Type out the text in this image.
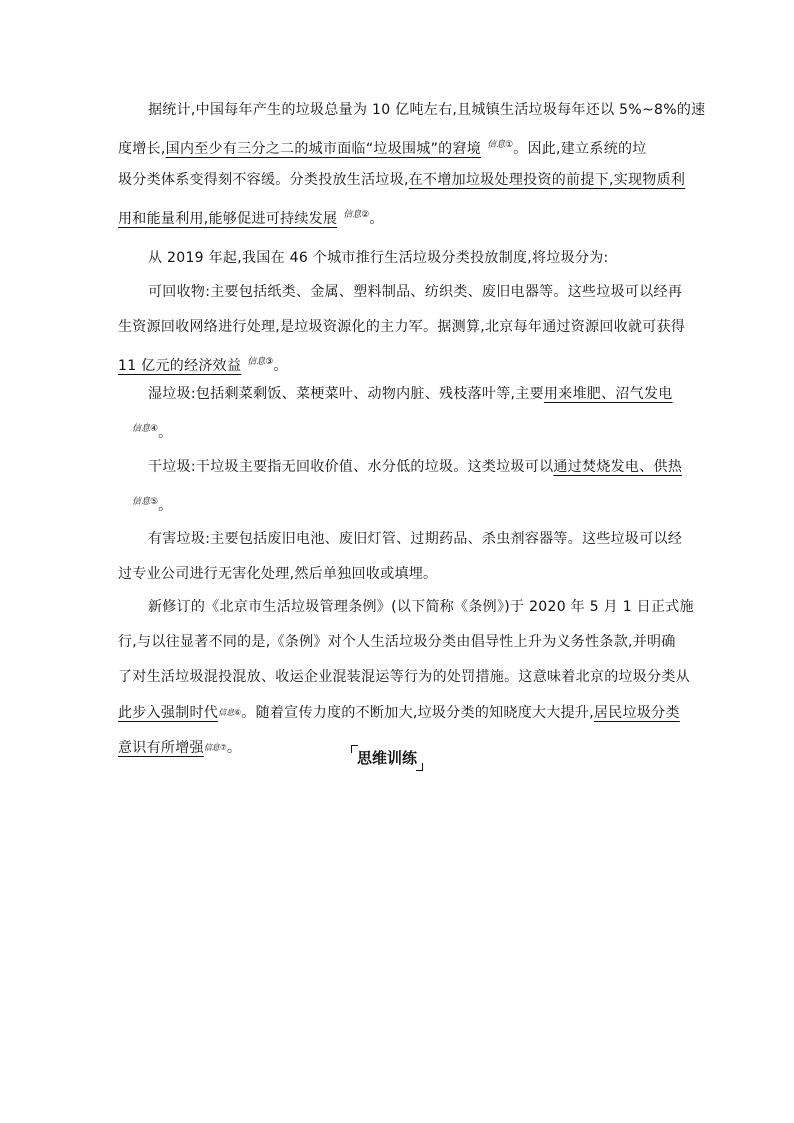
据统计,中国每年产生的垃圾总量为 10 亿吨左右,且城镇生活垃圾每年还以 5%~8%的速
度增长,国内至少有三分之二的城市面临“垃圾围城”的窘境 $^{信息①}$。因此,建立系统的垃
圾分类体系变得刻不容缓。分类投放生活垃圾,在不增加垃圾处理投资的前提下,实现物质利
用和能量利用,能够促进可持续发展 $^{信息②}$。
从 2019 年起,我国在 46 个城市推行生活垃圾分类投放制度,将垃圾分为:
可回收物:主要包括纸类、金属、塑料制品、纺织类、废旧电器等。这些垃圾可以经再
生资源回收网络进行处理,是垃圾资源化的主力军。据测算,北京每年通过资源回收就可获得
11 亿元的经济效益 $^{信息③}$。
湿垃圾:包括剩菜剩饭、菜梗菜叶、动物内脏、残枝落叶等,主要用来堆肥、沼气发电
$^{信息④}$。
干垃圾:干垃圾主要指无回收价值、水分低的垃圾。这类垃圾可以通过焚烧发电、供热
$^{信息⑤}$。
有害垃圾:主要包括废旧电池、废旧灯管、过期药品、杀虫剂容器等。这些垃圾可以经
过专业公司进行无害化处理,然后单独回收或填埋。
新修订的《北京市生活垃圾管理条例》(以下简称《条例》)于 2020 年 5 月 1 日正式施
行,与以往显著不同的是,《条例》对个人生活垃圾分类由倡导性上升为义务性条款,并明确
了对生活垃圾混投混放、收运企业混装混运等行为的处罚措施。这意味着北京的垃圾分类从
此步入强制时代信息⑥。随着宣传力度的不断加大,垃圾分类的知晓度大大提升,居民垃圾分类
意识有所增强信息⑦。
思维训练
